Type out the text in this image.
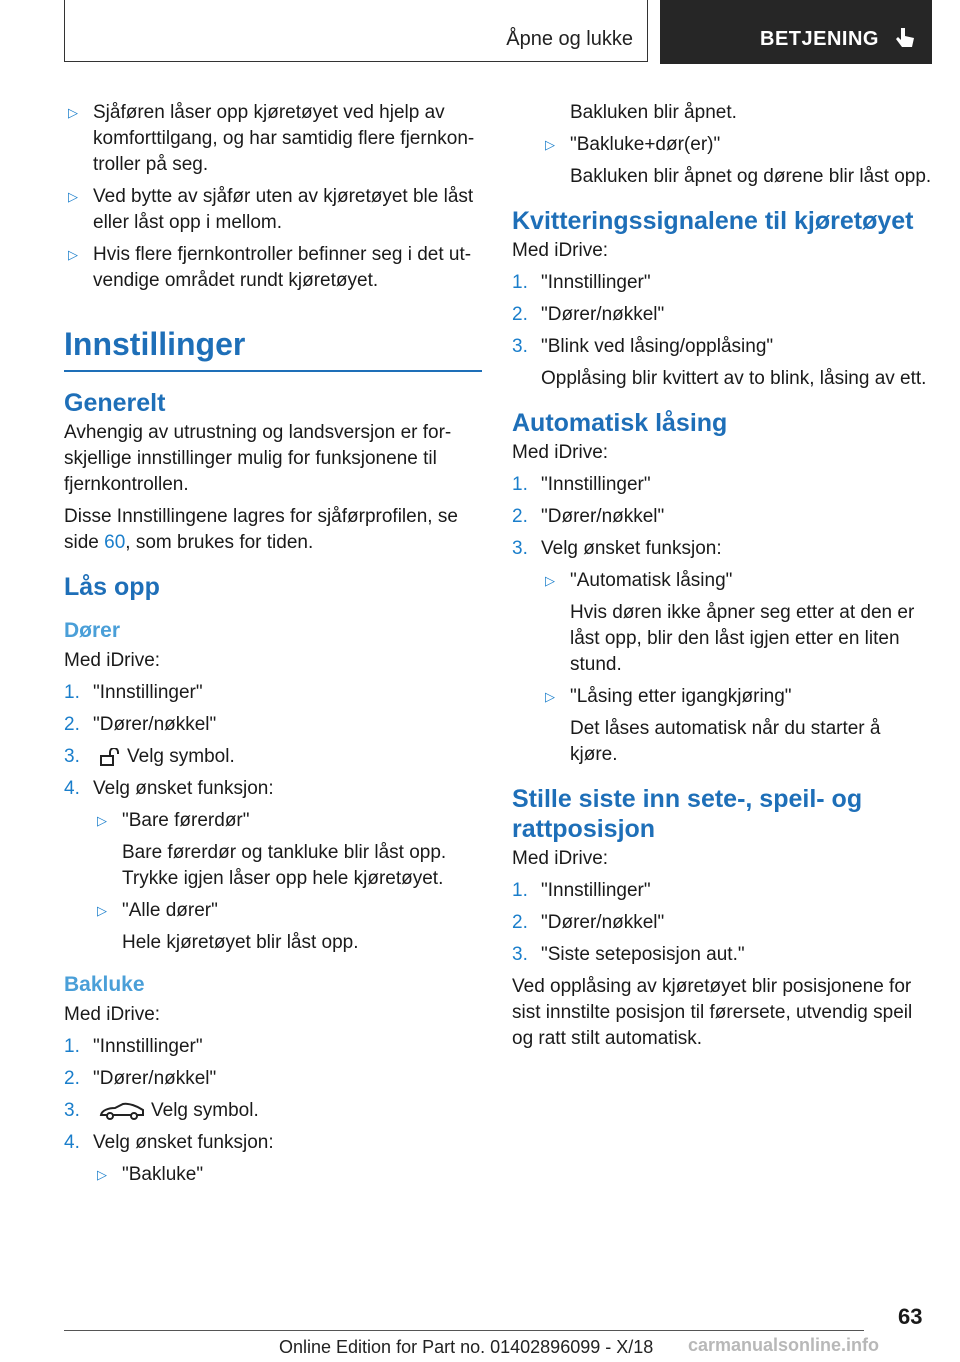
Åpne og lukke	BETJENING
▷ Sjåføren låser opp kjøretøyet ved hjelp av komforttilgang, og har samtidig flere fjernkon‐troller på seg.
▷ Ved bytte av sjåfør uten av kjøretøyet ble låst eller låst opp i mellom.
▷ Hvis flere fjernkontroller befinner seg i det ut‐vendige området rundt kjøretøyet.
Innstillinger
Generelt

Avhengig av utrustning og landsversjon er for‐skjellige innstillinger mulig for funksjonene til fjernkontrollen.

Disse Innstillingene lagres for sjåførprofilen, se side 60, som brukes for tiden.

Lås opp
Dører

Med iDrive:

1. "Innstillinger"
2. "Dører/nøkkel"
3. Velg symbol.
4. Velg ønsket funksjon:
▷ "Bare førerdør"
Bare førerdør og tankluke blir låst opp. Trykke igjen låser opp hele kjøretøyet.
▷ "Alle dører"
Hele kjøretøyet blir låst opp.
Bakluke

Med iDrive:

1. "Innstillinger"
2. "Dører/nøkkel"
3.	Velg symbol.
4. Velg ønsket funksjon:
▷ "Bakluke"
Bakluken blir åpnet.
▷ "Bakluke+dør(er)"
Bakluken blir åpnet og dørene blir låst opp.
Kvitteringssignalene til kjøretøyet

Med iDrive:

1. "Innstillinger"
2. "Dører/nøkkel"
3. "Blink ved låsing/opplåsing"
Opplåsing blir kvittert av to blink, låsing av ett.
Automatisk låsing

Med iDrive:

1. "Innstillinger"
2. "Dører/nøkkel"
3. Velg ønsket funksjon:
▷ "Automatisk låsing"
Hvis døren ikke åpner seg etter at den er låst opp, blir den låst igjen etter en liten stund.
▷ "Låsing etter igangkjøring"
Det låses automatisk når du starter å kjøre.
Stille siste inn sete-, speil- og rattposisjon

Med iDrive:

1. "Innstillinger"
2. "Dører/nøkkel"
3. "Siste seteposisjon aut."

Ved opplåsing av kjøretøyet blir posisjonene for sist innstilte posisjon til førersete, utvendig speil og ratt stilt automatisk.

63
Online Edition for Part no. 01402896099 - X/18 carmanualsonline.info
